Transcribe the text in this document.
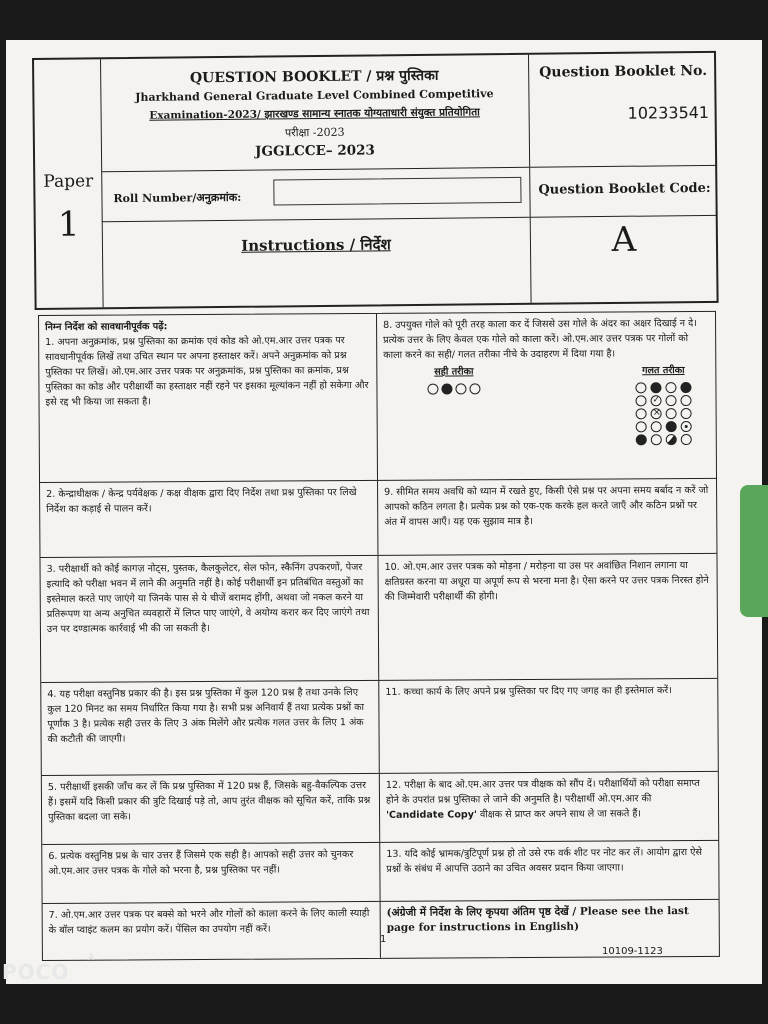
Paper
1
QUESTION BOOKLET / प्रश्न पुस्तिका
Jharkhand General Graduate Level Combined Competitive
Examination-2023/ झारखण्ड सामान्य स्नातक योग्यताधारी संयुक्त प्रतियोगिता
परीक्षा -2023
JGGLCCE– 2023
Roll Number/अनुक्रमांक:
Instructions / निर्देश
Question Booklet No.
10233541
Question Booklet Code:
A
निम्न निर्देश को सावधानीपूर्वक पढ़ें:
1. अपना अनुक्रमांक, प्रश्न पुस्तिका का क्रमांक एवं कोड को ओ.एम.आर उत्तर पत्रक पर सावधानीपूर्वक लिखें तथा उचित स्थान पर अपना हस्ताक्षर करें। अपने अनुक्रमांक को प्रश्न पुस्तिका पर लिखें। ओ.एम.आर उत्तर पत्रक पर अनुक्रमांक, प्रश्न पुस्तिका का क्रमांक, प्रश्न पुस्तिका का कोड और परीक्षार्थी का हस्ताक्षर नहीं रहने पर इसका मूल्यांकन नहीं हो सकेगा और इसे रद्द भी किया जा सकता है।
8. उपयुक्त गोले को पूरी तरह काला कर दें जिससे उस गोले के अंदर का अक्षर दिखाई न दे। प्रत्येक उत्तर के लिए केवल एक गोले को काला करें। ओ.एम.आर उत्तर पत्रक पर गोलों को काला करने का सही/ गलत तरीका नीचे के उदाहरण में दिया गया है।
सही तरीका	गलत तरीका
✓
×
2. केन्द्राधीक्षक / केन्द्र पर्यवेक्षक / कक्ष वीक्षक द्वारा दिए निर्देश तथा प्रश्न पुस्तिका पर लिखे निर्देश का कड़ाई से पालन करें।
9. सीमित समय अवधि को ध्यान में रखते हुए, किसी ऐसे प्रश्न पर अपना समय बर्बाद न करें जो आपको कठिन लगता है। प्रत्येक प्रश्न को एक-एक करके हल करते जाएँ और कठिन प्रश्नों पर अंत में वापस आएँ। यह एक सुझाव मात्र है।
3. परीक्षार्थी को कोई कागज़ नोट्स, पुस्तक, कैलकुलेटर, सेल फोन, स्कैनिंग उपकरणों, पेजर इत्यादि को परीक्षा भवन में लाने की अनुमति नहीं है। कोई परीक्षार्थी इन प्रतिबंधित वस्तुओं का इस्तेमाल करते पाए जाएंगे या जिनके पास से ये चीजें बरामद होंगी, अथवा जो नकल करने या प्रतिरूपण या अन्य अनुचित व्यवहारों में लिप्त पाए जाएंगे, वे अयोग्य करार कर दिए जाएंगे तथा उन पर दण्डात्मक कार्रवाई भी की जा सकती है।
10. ओ.एम.आर उत्तर पत्रक को मोड़ना / मरोड़ना या उस पर अवांछित निशान लगाना या क्षतिग्रस्त करना या अधूरा या अपूर्ण रूप से भरना मना है। ऐसा करने पर उत्तर पत्रक निरस्त होने की जिम्मेवारी परीक्षार्थी की होगी।
4. यह परीक्षा वस्तुनिष्ठ प्रकार की है। इस प्रश्न पुस्तिका में कुल 120 प्रश्न है तथा उनके लिए कुल 120 मिनट का समय निर्धारित किया गया है। सभी प्रश्न अनिवार्य हैं तथा प्रत्येक प्रश्नों का पूर्णांक 3 है। प्रत्येक सही उत्तर के लिए 3 अंक मिलेंगे और प्रत्येक गलत उत्तर के लिए 1 अंक की कटौती की जाएगी।
11. कच्चा कार्य के लिए अपने प्रश्न पुस्तिका पर दिए गए जगह का ही इस्तेमाल करें।
5. परीक्षार्थी इसकी जाँच कर लें कि प्रश्न पुस्तिका में 120 प्रश्न हैं, जिसके बहु-वैकल्पिक उत्तर हैं। इसमें यदि किसी प्रकार की त्रुटि दिखाई पड़े तो, आप तुरंत वीक्षक को सूचित करें, ताकि प्रश्न पुस्तिका बदला जा सके।
12. परीक्षा के बाद ओ.एम.आर उत्तर पत्र वीक्षक को सौंप दें। परीक्षार्थियों को परीक्षा समाप्त होने के उपरांत प्रश्न पुस्तिका ले जाने की अनुमति है। परीक्षार्थी ओ.एम.आर की 'Candidate Copy' वीक्षक से प्राप्त कर अपने साथ ले जा सकते हैं।
6. प्रत्येक वस्तुनिष्ठ प्रश्न के चार उत्तर हैं जिसमे एक सही है। आपको सही उत्तर को चुनकर ओ.एम.आर उत्तर पत्रक के गोले को भरना है, प्रश्न पुस्तिका पर नहीं।
13. यदि कोई भ्रामक/त्रुटिपूर्ण प्रश्न हो तो उसे रफ वर्क शीट पर नोट कर लें। आयोग द्वारा ऐसे प्रश्नों के संबंध में आपत्ति उठाने का उचित अवसर प्रदान किया जाएगा।
7. ओ.एम.आर उत्तर पत्रक पर बक्से को भरने और गोलों को काला करने के लिए काली स्याही के बॉल प्वाइंट कलम का प्रयोग करें। पेंसिल का उपयोग नहीं करें।
(अंग्रेजी में निर्देश के लिए कृपया अंतिम पृष्ठ देखें / Please see the last page for instructions in English)
1
10109-1123
POCO
A
